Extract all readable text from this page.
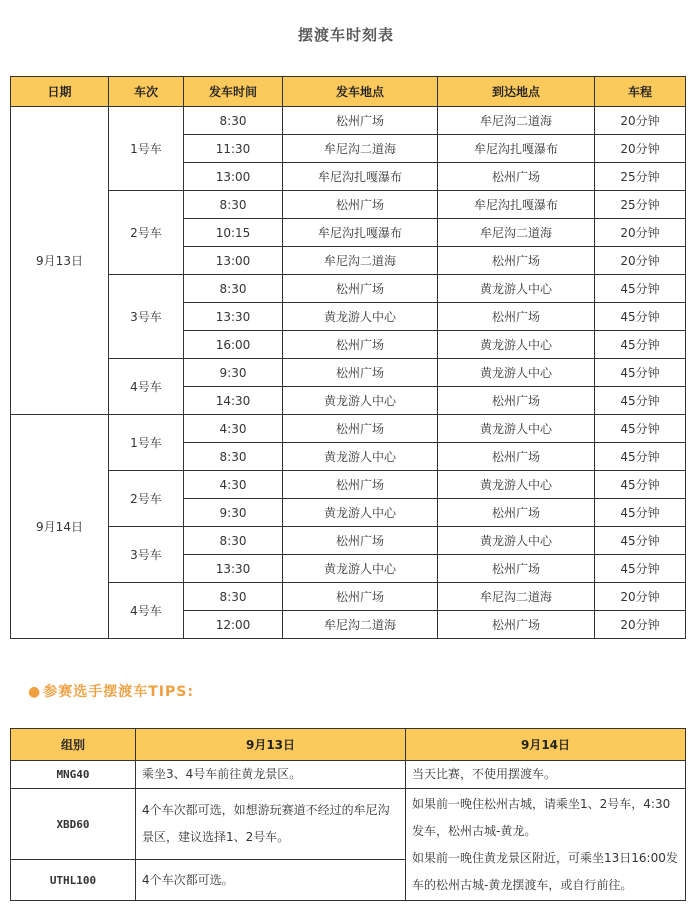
摆渡车时刻表
日期	车次	发车时间	发车地点	到达地点	车程
9月13日	1号车	8:30	松州广场	牟尼沟二道海	20分钟
		11:30	牟尼沟二道海	牟尼沟扎嘎瀑布	20分钟
		13:00	牟尼沟扎嘎瀑布	松州广场	25分钟
	2号车	8:30	松州广场	牟尼沟扎嘎瀑布	25分钟
		10:15	牟尼沟扎嘎瀑布	牟尼沟二道海	20分钟
		13:00	牟尼沟二道海	松州广场	20分钟
	3号车	8:30	松州广场	黄龙游人中心	45分钟
		13:30	黄龙游人中心	松州广场	45分钟
		16:00	松州广场	黄龙游人中心	45分钟
	4号车	9:30	松州广场	黄龙游人中心	45分钟
		14:30	黄龙游人中心	松州广场	45分钟
9月14日	1号车	4:30	松州广场	黄龙游人中心	45分钟
		8:30	黄龙游人中心	松州广场	45分钟
	2号车	4:30	松州广场	黄龙游人中心	45分钟
		9:30	黄龙游人中心	松州广场	45分钟
	3号车	8:30	松州广场	黄龙游人中心	45分钟
		13:30	黄龙游人中心	松州广场	45分钟
	4号车	8:30	松州广场	牟尼沟二道海	20分钟
		12:00	牟尼沟二道海	松州广场	20分钟
● 参赛选手摆渡车TIPS:
组别	9月13日	9月14日
MNG40	乘坐3、4号车前往黄龙景区。	当天比赛，不使用摆渡车。
XBD60	4个车次都可选，如想游玩赛道不经过的牟尼沟景区，建议选择1、2号车。	如果前一晚住松州古城，请乘坐1、2号车，4:30发车，松州古城-黄龙。
如果前一晚住黄龙景区附近，可乘坐13日16:00发车的松州古城-黄龙摆渡车，或自行前往。

UTHL100	4个车次都可选。	
